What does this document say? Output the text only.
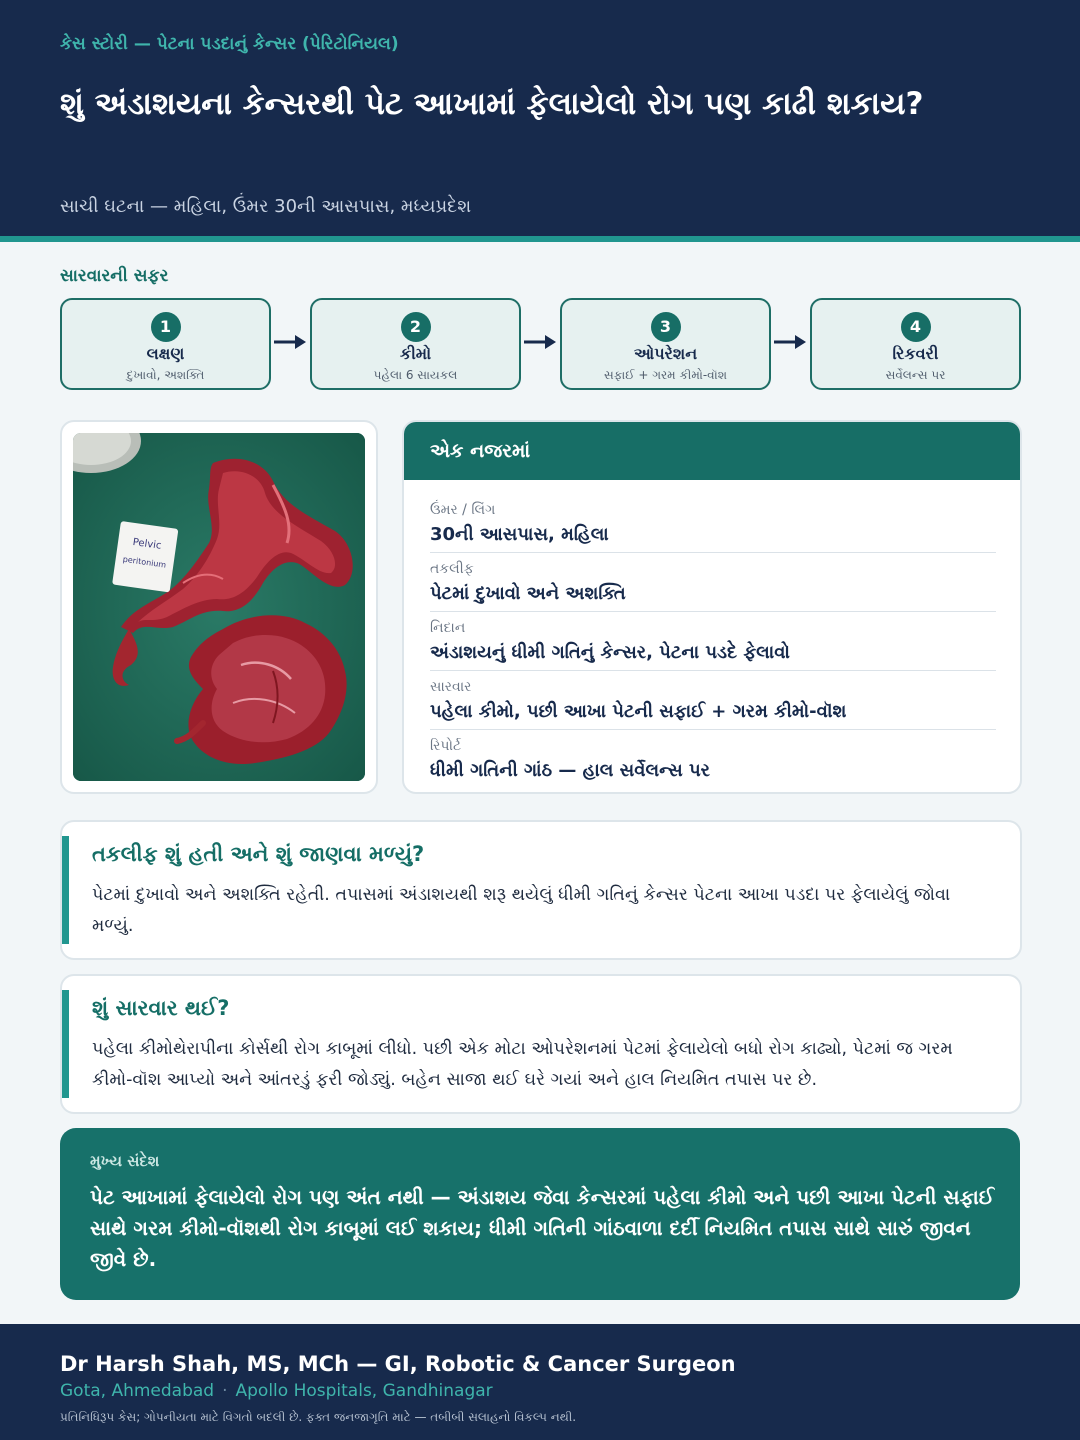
કેસ સ્ટોરી — પેટના પડદાનું કેન્સર (પેરિટોનિયલ)
શું અંડાશયના કેન્સરથી પેટ આખામાં ફેલાયેલો રોગ પણ કાઢી શકાય?
સાચી ઘટના — મહિલા, ઉંમર 30ની આસપાસ, મધ્યપ્રદેશ
સારવારની સફર
1
લક્ષણ
દુખાવો, અશક્તિ
2
કીમો
પહેલા 6 સાયકલ
3
ઓપરેશન
સફાઈ + ગરમ કીમો-વૉશ
4
રિકવરી
સર્વેલન્સ પર
Pelvic
peritonium
એક નજરમાં
ઉંમર / લિંગ
30ની આસપાસ, મહિલા
તકલીફ
પેટમાં દુખાવો અને અશક્તિ
નિદાન
અંડાશયનું ધીમી ગતિનું કેન્સર, પેટના પડદે ફેલાવો
સારવાર
પહેલા કીમો, પછી આખા પેટની સફાઈ + ગરમ કીમો-વૉશ
રિપોર્ટ
ધીમી ગતિની ગાંઠ — હાલ સર્વેલન્સ પર
તકલીફ શું હતી અને શું જાણવા મળ્યું?
પેટમાં દુખાવો અને અશક્તિ રહેતી. તપાસમાં અંડાશયથી શરૂ થયેલું ધીમી ગતિનું કેન્સર પેટના આખા પડદા પર ફેલાયેલું જોવા મળ્યું.
શું સારવાર થઈ?
પહેલા કીમોથેરાપીના કોર્સથી રોગ કાબૂમાં લીધો. પછી એક મોટા ઓપરેશનમાં પેટમાં ફેલાયેલો બધો રોગ કાઢ્યો, પેટમાં જ ગરમ કીમો-વૉશ આપ્યો અને આંતરડું ફરી જોડ્યું. બહેન સાજા થઈ ઘરે ગયાં અને હાલ નિયમિત તપાસ પર છે.
મુખ્ય સંદેશ
પેટ આખામાં ફેલાયેલો રોગ પણ અંત નથી — અંડાશય જેવા કેન્સરમાં પહેલા કીમો અને પછી આખા પેટની સફાઈ સાથે ગરમ કીમો-વૉશથી રોગ કાબૂમાં લઈ શકાય; ધીમી ગતિની ગાંઠવાળા દર્દી નિયમિત તપાસ સાથે સારું જીવન જીવે છે.
Dr Harsh Shah, MS, MCh — GI, Robotic & Cancer Surgeon
Gota, Ahmedabad · Apollo Hospitals, Gandhinagar
પ્રતિનિધિરૂપ કેસ; ગોપનીયતા માટે વિગતો બદલી છે. ફક્ત જનજાગૃતિ માટે — તબીબી સલાહનો વિકલ્પ નથી.
